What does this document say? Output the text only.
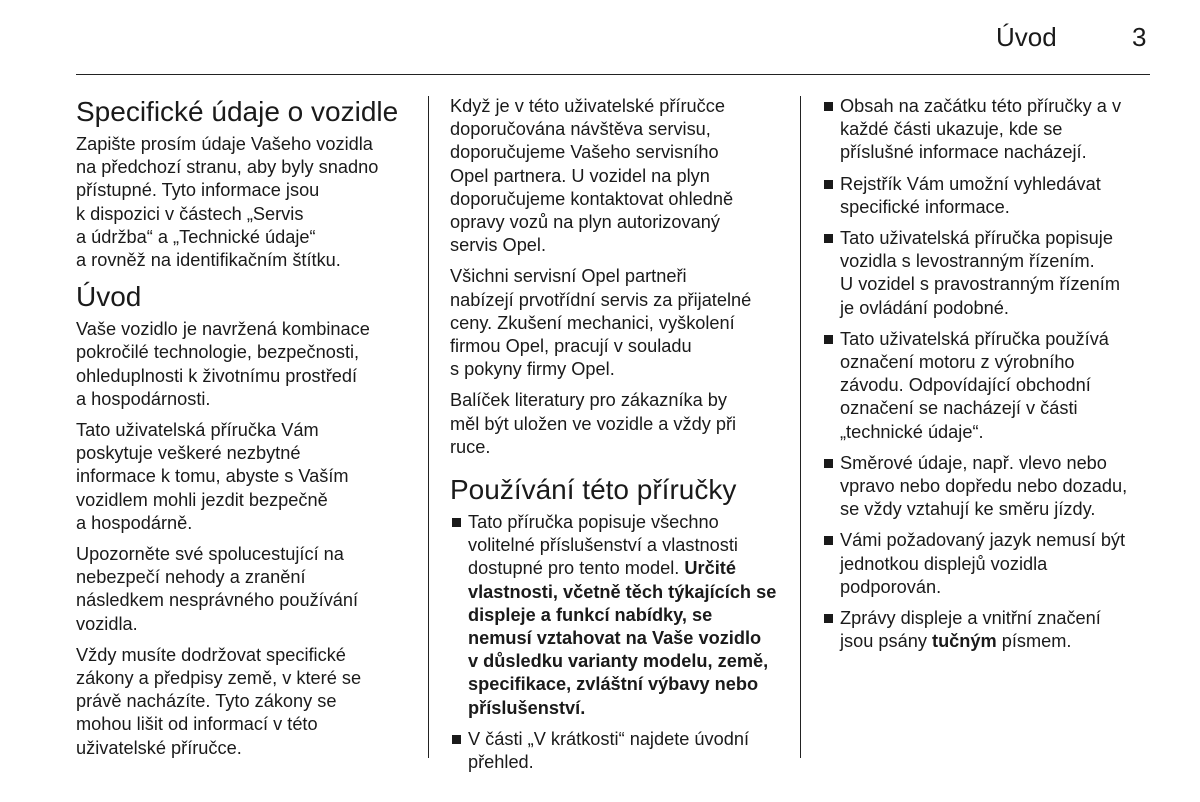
Úvod	3
Specifické údaje o vozidle

Zapište prosím údaje Vašeho vozidla
na předchozí stranu, aby byly snadno
přístupné. Tyto informace jsou
k dispozici v částech „Servis
a údržba“ a „Technické údaje“
a rovněž na identifikačním štítku.

Úvod

Vaše vozidlo je navržená kombinace
pokročilé technologie, bezpečnosti,
ohleduplnosti k životnímu prostředí
a hospodárnosti.

Tato uživatelská příručka Vám
poskytuje veškeré nezbytné
informace k tomu, abyste s Vaším
vozidlem mohli jezdit bezpečně
a hospodárně.

Upozorněte své spolucestující na
nebezpečí nehody a zranění
následkem nesprávného používání
vozidla.

Vždy musíte dodržovat specifické
zákony a předpisy země, v které se
právě nacházíte. Tyto zákony se
mohou lišit od informací v této
uživatelské příručce.

Když je v této uživatelské příručce
doporučována návštěva servisu,
doporučujeme Vašeho servisního
Opel partnera. U vozidel na plyn
doporučujeme kontaktovat ohledně
opravy vozů na plyn autorizovaný
servis Opel.

Všichni servisní Opel partneři
nabízejí prvotřídní servis za přijatelné
ceny. Zkušení mechanici, vyškolení
firmou Opel, pracují v souladu
s pokyny firmy Opel.

Balíček literatury pro zákazníka by
měl být uložen ve vozidle a vždy při
ruce.

Používání této příručky
Tato příručka popisuje všechno
volitelné příslušenství a vlastnosti
dostupné pro tento model. Určité
vlastnosti, včetně těch týkajících se
displeje a funkcí nabídky, se
nemusí vztahovat na Vaše vozidlo
v důsledku varianty modelu, země,
specifikace, zvláštní výbavy nebo
příslušenství.
V části „V krátkosti“ najdete úvodní
přehled.
Obsah na začátku této příručky a v
každé části ukazuje, kde se
příslušné informace nacházejí.
Rejstřík Vám umožní vyhledávat
specifické informace.
Tato uživatelská příručka popisuje
vozidla s levostranným řízením.
U vozidel s pravostranným řízením
je ovládání podobné.
Tato uživatelská příručka používá
označení motoru z výrobního
závodu. Odpovídající obchodní
označení se nacházejí v části
„technické údaje“.
Směrové údaje, např. vlevo nebo
vpravo nebo dopředu nebo dozadu,
se vždy vztahují ke směru jízdy.
Vámi požadovaný jazyk nemusí být
jednotkou displejů vozidla
podporován.
Zprávy displeje a vnitřní značení
jsou psány tučným písmem.
